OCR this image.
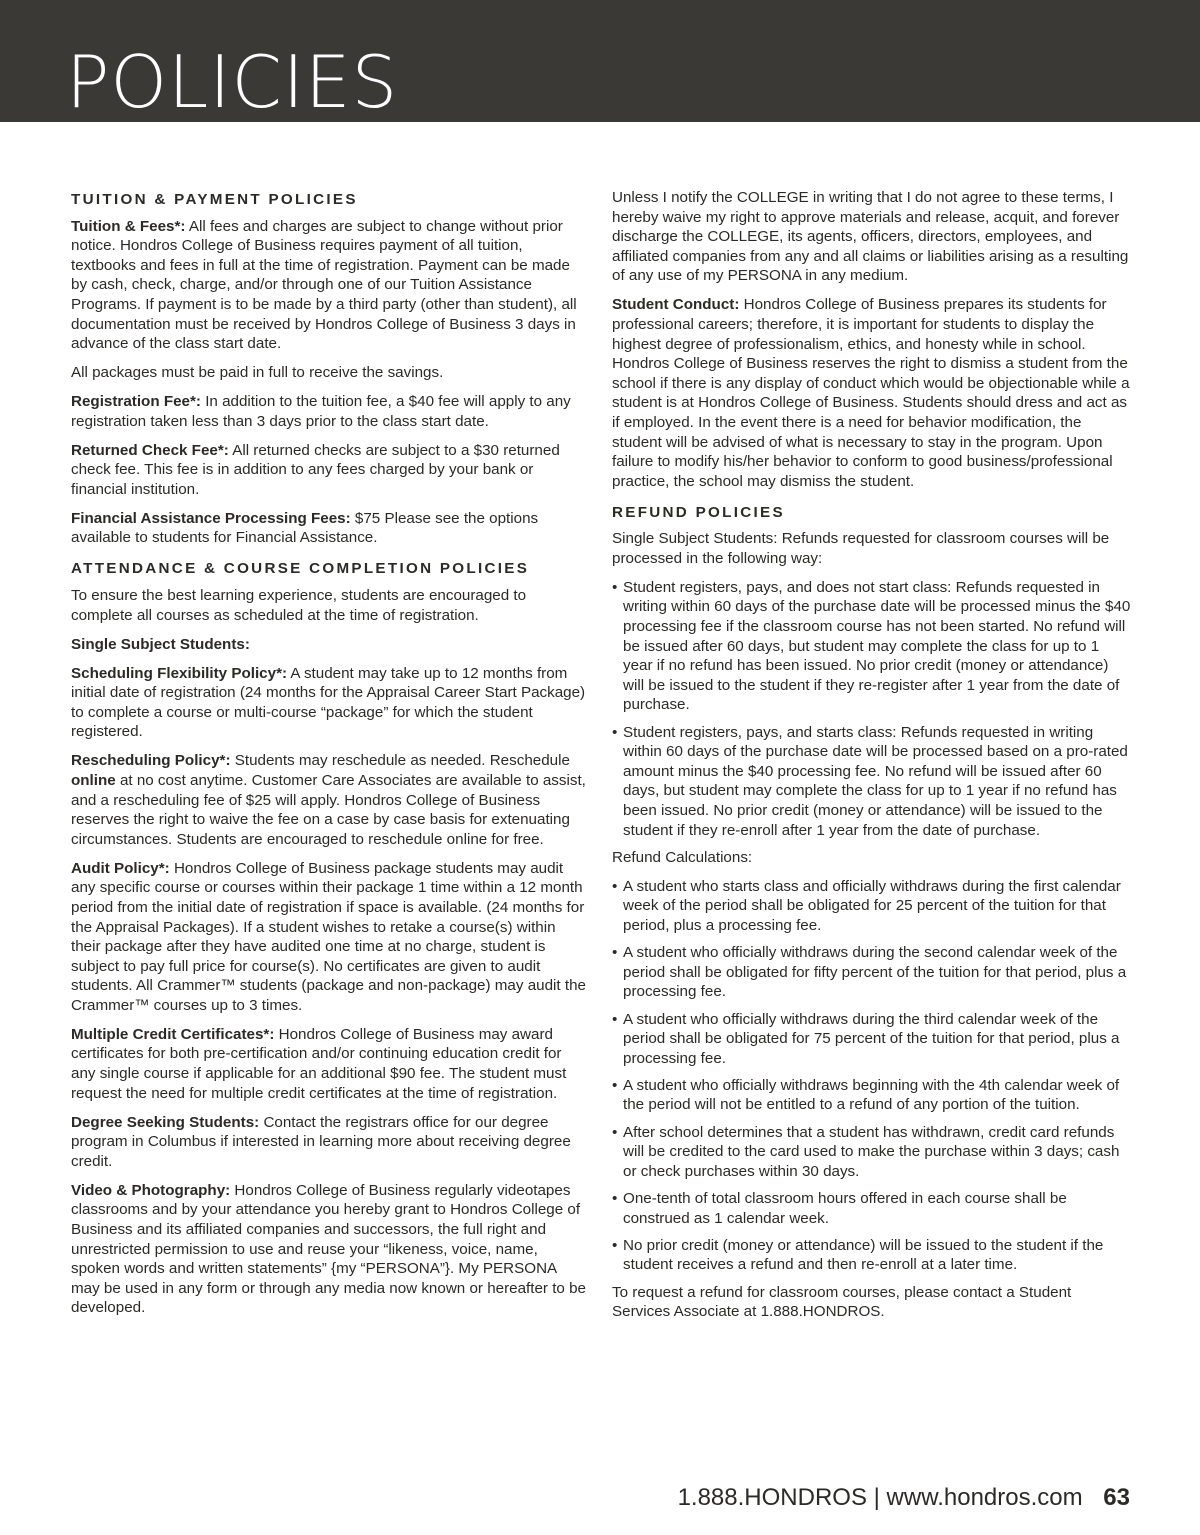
POLICIES
TUITION & PAYMENT POLICIES

Tuition & Fees*: All fees and charges are subject to change without prior notice. Hondros College of Business requires payment of all tuition, textbooks and fees in full at the time of registration. Payment can be made by cash, check, charge, and/or through one of our Tuition Assistance Programs. If payment is to be made by a third party (other than student), all documentation must be received by Hondros College of Business 3 days in advance of the class start date.

All packages must be paid in full to receive the savings.

Registration Fee*: In addition to the tuition fee, a $40 fee will apply to any registration taken less than 3 days prior to the class start date.

Returned Check Fee*: All returned checks are subject to a $30 returned check fee. This fee is in addition to any fees charged by your bank or financial institution.

Financial Assistance Processing Fees: $75 Please see the options available to students for Financial Assistance.

ATTENDANCE & COURSE COMPLETION POLICIES

To ensure the best learning experience, students are encouraged to complete all courses as scheduled at the time of registration.

Single Subject Students:

Scheduling Flexibility Policy*: A student may take up to 12 months from initial date of registration (24 months for the Appraisal Career Start Package) to complete a course or multi-course “package” for which the student registered.

Rescheduling Policy*: Students may reschedule as needed. Reschedule online at no cost anytime. Customer Care Associates are available to assist, and a rescheduling fee of $25 will apply. Hondros College of Business reserves the right to waive the fee on a case by case basis for extenuating circumstances. Students are encouraged to reschedule online for free.

Audit Policy*: Hondros College of Business package students may audit any specific course or courses within their package 1 time within a 12 month period from the initial date of registration if space is available. (24 months for the Appraisal Packages). If a student wishes to retake a course(s) within their package after they have audited one time at no charge, student is subject to pay full price for course(s). No certificates are given to audit students. All Crammer™ students (package and non-package) may audit the Crammer™ courses up to 3 times.

Multiple Credit Certificates*: Hondros College of Business may award certificates for both pre-certification and/or continuing education credit for any single course if applicable for an additional $90 fee. The student must request the need for multiple credit certificates at the time of registration.

Degree Seeking Students: Contact the registrars office for our degree program in Columbus if interested in learning more about receiving degree credit.

Video & Photography: Hondros College of Business regularly videotapes classrooms and by your attendance you hereby grant to Hondros College of Business and its affiliated companies and successors, the full right and unrestricted permission to use and reuse your “likeness, voice, name, spoken words and written statements” {my “PERSONA”}. My PERSONA may be used in any form or through any media now known or hereafter to be developed.

Unless I notify the COLLEGE in writing that I do not agree to these terms, I hereby waive my right to approve materials and release, acquit, and forever discharge the COLLEGE, its agents, officers, directors, employees, and affiliated companies from any and all claims or liabilities arising as a resulting of any use of my PERSONA in any medium.

Student Conduct: Hondros College of Business prepares its students for professional careers; therefore, it is important for students to display the highest degree of professionalism, ethics, and honesty while in school. Hondros College of Business reserves the right to dismiss a student from the school if there is any display of conduct which would be objectionable while a student is at Hondros College of Business. Students should dress and act as if employed. In the event there is a need for behavior modification, the student will be advised of what is necessary to stay in the program. Upon failure to modify his/her behavior to conform to good business/professional practice, the school may dismiss the student.

REFUND POLICIES

Single Subject Students: Refunds requested for classroom courses will be processed in the following way:

• Student registers, pays, and does not start class: Refunds requested in writing within 60 days of the purchase date will be processed minus the $40 processing fee if the classroom course has not been started. No refund will be issued after 60 days, but student may complete the class for up to 1 year if no refund has been issued. No prior credit (money or attendance) will be issued to the student if they re-register after 1 year from the date of purchase.
• Student registers, pays, and starts class: Refunds requested in writing within 60 days of the purchase date will be processed based on a pro-rated amount minus the $40 processing fee. No refund will be issued after 60 days, but student may complete the class for up to 1 year if no refund has been issued. No prior credit (money or attendance) will be issued to the student if they re-enroll after 1 year from the date of purchase.

Refund Calculations:

• A student who starts class and officially withdraws during the first calendar week of the period shall be obligated for 25 percent of the tuition for that period, plus a processing fee.
• A student who officially withdraws during the second calendar week of the period shall be obligated for fifty percent of the tuition for that period, plus a processing fee.
• A student who officially withdraws during the third calendar week of the period shall be obligated for 75 percent of the tuition for that period, plus a processing fee.
• A student who officially withdraws beginning with the 4th calendar week of the period will not be entitled to a refund of any portion of the tuition.
• After school determines that a student has withdrawn, credit card refunds will be credited to the card used to make the purchase within 3 days; cash or check purchases within 30 days.
• One-tenth of total classroom hours offered in each course shall be construed as 1 calendar week.
• No prior credit (money or attendance) will be issued to the student if the student receives a refund and then re-enroll at a later time.

To request a refund for classroom courses, please contact a Student Services Associate at 1.888.HONDROS.

1.888.HONDROS | www.hondros.com 63
